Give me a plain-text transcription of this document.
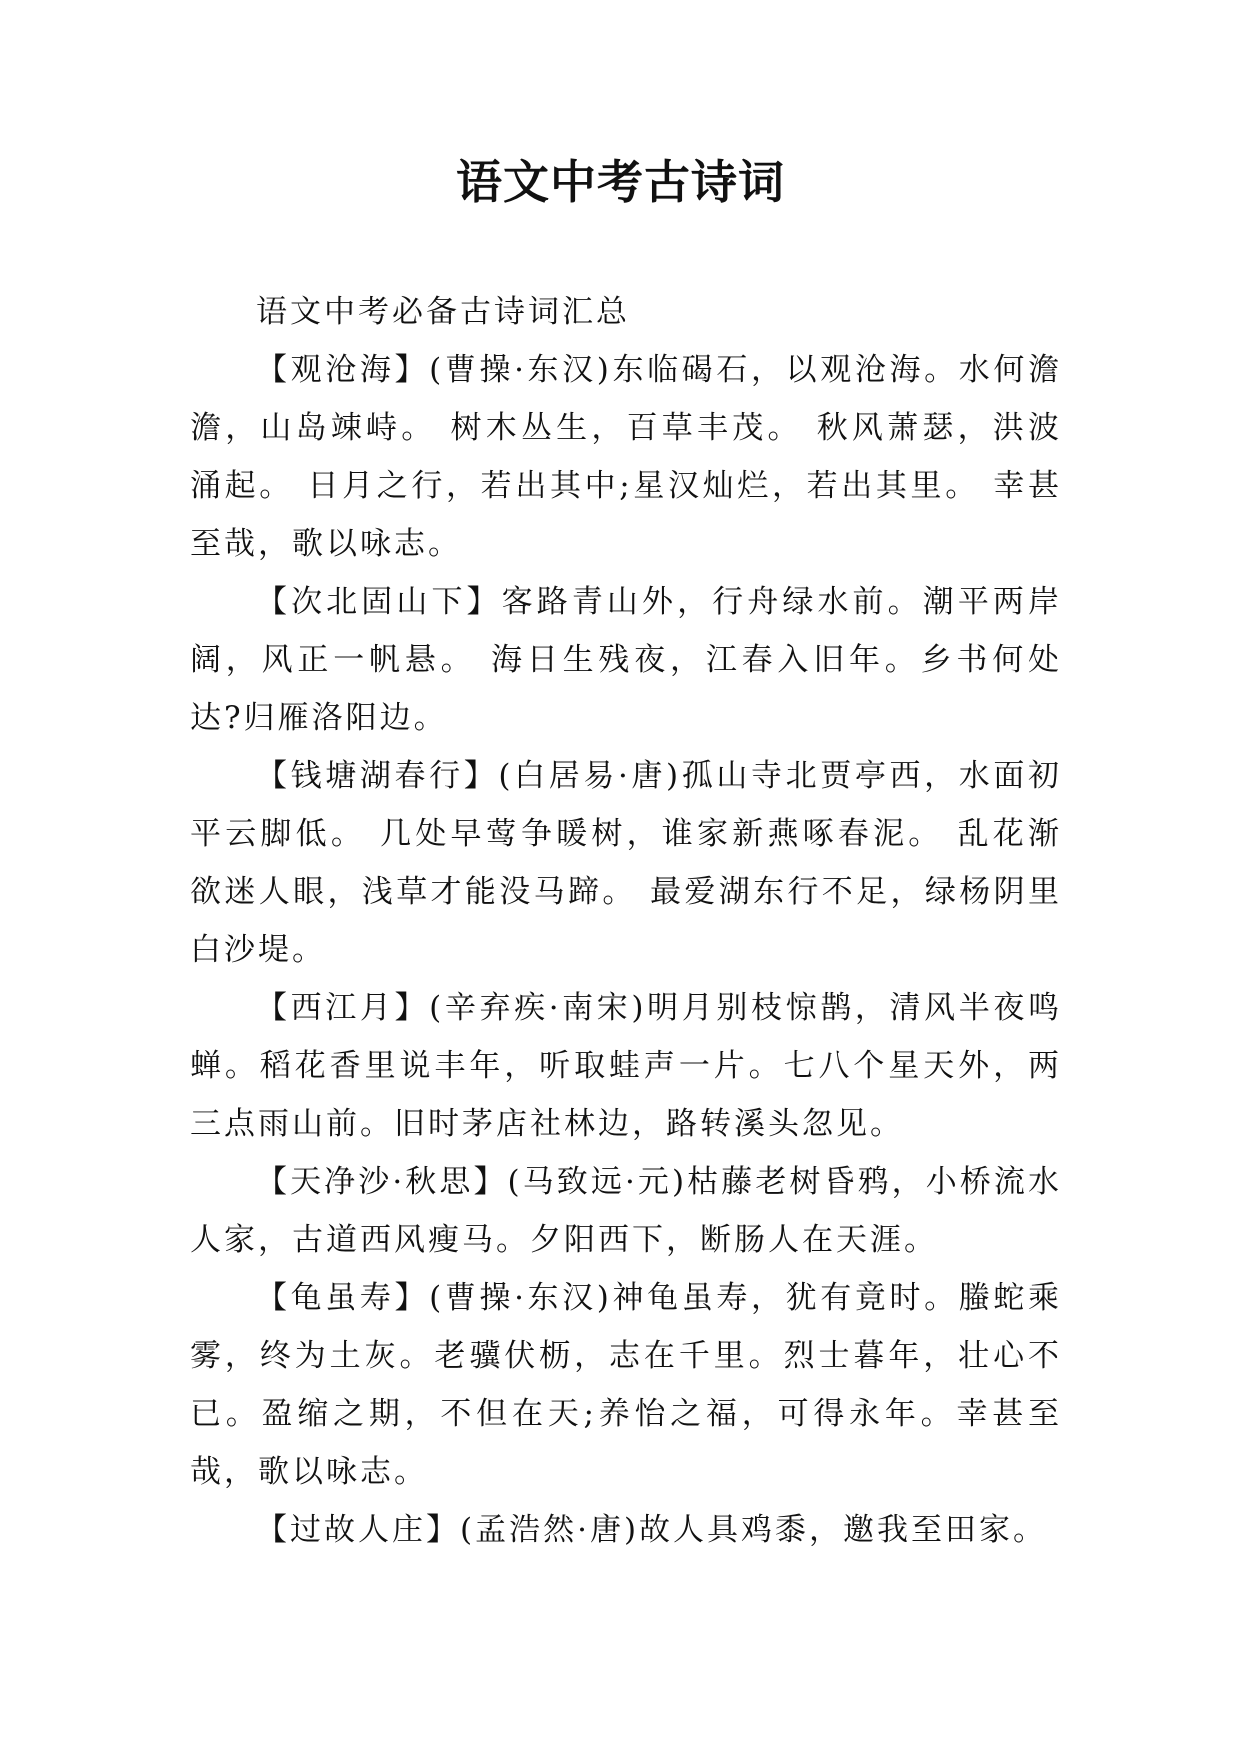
语文中考古诗词

语文中考必备古诗词汇总

【观沧海】(曹操·东汉)东临碣石，以观沧海。水何澹澹，山岛竦峙。 树木丛生，百草丰茂。 秋风萧瑟，洪波涌起。 日月之行，若出其中;星汉灿烂，若出其里。 幸甚至哉，歌以咏志。

【次北固山下】客路青山外，行舟绿水前。潮平两岸阔，风正一帆悬。 海日生残夜，江春入旧年。乡书何处达?归雁洛阳边。

【钱塘湖春行】(白居易·唐)孤山寺北贾亭西，水面初平云脚低。 几处早莺争暖树，谁家新燕啄春泥。 乱花渐欲迷人眼，浅草才能没马蹄。 最爱湖东行不足，绿杨阴里白沙堤。

【西江月】(辛弃疾·南宋)明月别枝惊鹊，清风半夜鸣蝉。稻花香里说丰年，听取蛙声一片。七八个星天外，两三点雨山前。旧时茅店社林边，路转溪头忽见。

【天净沙·秋思】(马致远·元)枯藤老树昏鸦，小桥流水人家，古道西风瘦马。夕阳西下，断肠人在天涯。

【龟虽寿】(曹操·东汉)神龟虽寿，犹有竟时。螣蛇乘雾，终为土灰。老骥伏枥，志在千里。烈士暮年，壮心不已。盈缩之期，不但在天;养怡之福，可得永年。幸甚至哉，歌以咏志。

【过故人庄】(孟浩然·唐)故人具鸡黍，邀我至田家。
